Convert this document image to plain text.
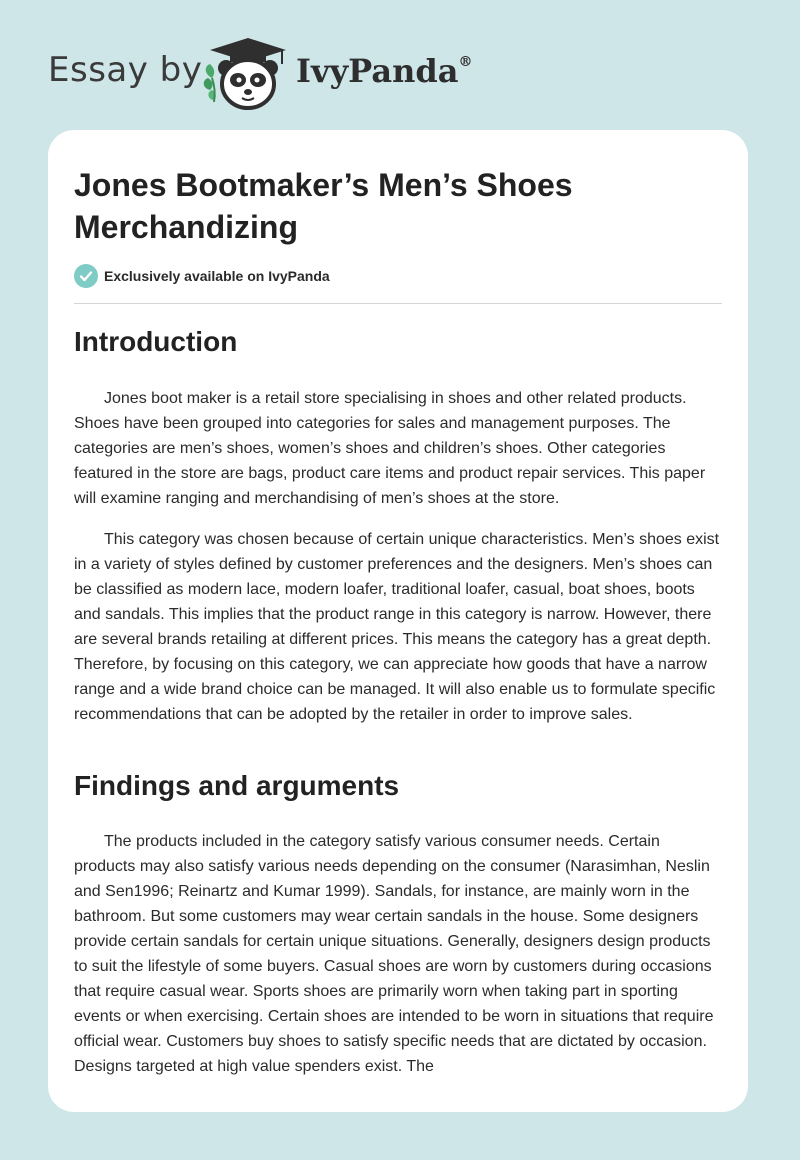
Essay by	IvyPanda®
Jones Bootmaker’s Men’s Shoes Merchandizing
Exclusively available on IvyPanda
Introduction

Jones boot maker is a retail store specialising in shoes and other related products. Shoes have been grouped into categories for sales and management purposes. The categories are men’s shoes, women’s shoes and children’s shoes. Other categories featured in the store are bags, product care items and product repair services. This paper will examine ranging and merchandising of men’s shoes at the store.

This category was chosen because of certain unique characteristics. Men’s shoes exist in a variety of styles defined by customer preferences and the designers. Men’s shoes can be classified as modern lace, modern loafer, traditional loafer, casual, boat shoes, boots and sandals. This implies that the product range in this category is narrow. However, there are several brands retailing at different prices. This means the category has a great depth. Therefore, by focusing on this category, we can appreciate how goods that have a narrow range and a wide brand choice can be managed. It will also enable us to formulate specific recommendations that can be adopted by the retailer in order to improve sales.

Findings and arguments

The products included in the category satisfy various consumer needs. Certain products may also satisfy various needs depending on the consumer (Narasimhan, Neslin and Sen1996; Reinartz and Kumar 1999). Sandals, for instance, are mainly worn in the bathroom. But some customers may wear certain sandals in the house. Some designers provide certain sandals for certain unique situations. Generally, designers design products to suit the lifestyle of some buyers. Casual shoes are worn by customers during occasions that require casual wear. Sports shoes are primarily worn when taking part in sporting events or when exercising. Certain shoes are intended to be worn in situations that require official wear. Customers buy shoes to satisfy specific needs that are dictated by occasion. Designs targeted at high value spenders exist. The
